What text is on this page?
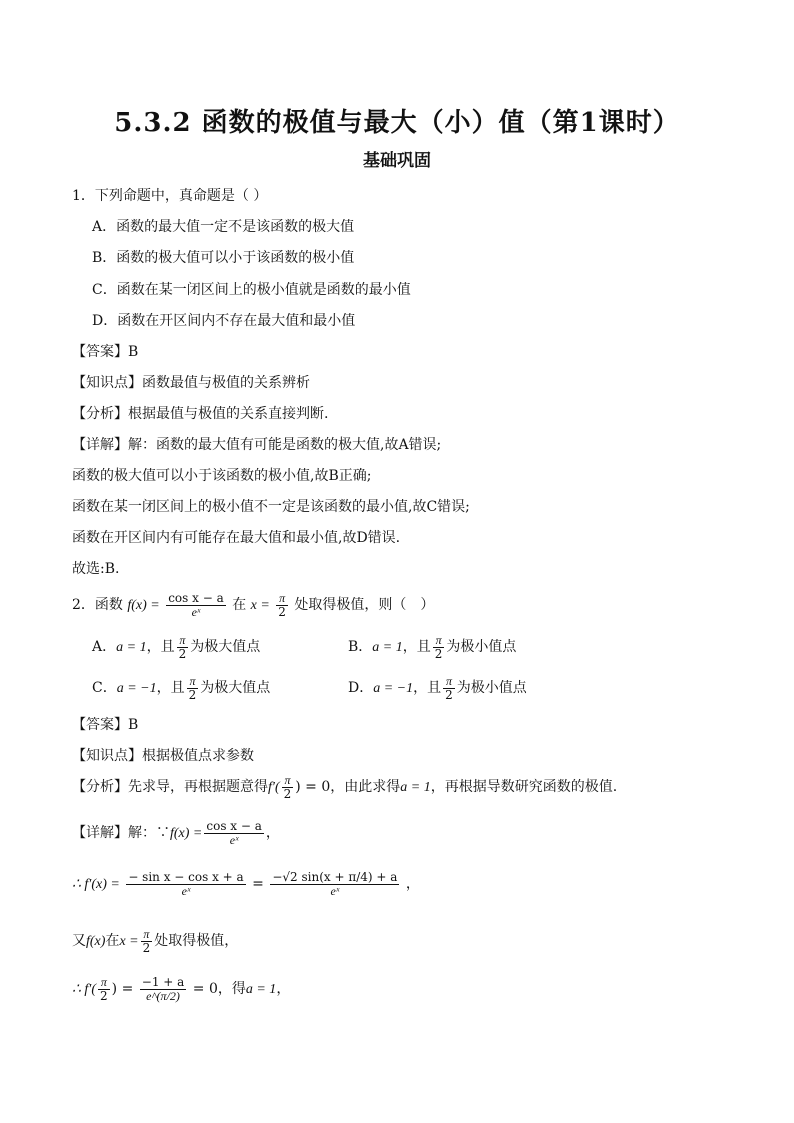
5.3.2 函数的极值与最大（小）值（第1课时）
基础巩固
1．下列命题中，真命题是（ ）
A．函数的最大值一定不是该函数的极大值
B．函数的极大值可以小于该函数的极小值
C．函数在某一闭区间上的极小值就是函数的最小值
D．函数在开区间内不存在最大值和最小值
【答案】B
【知识点】函数最值与极值的关系辨析
【分析】根据最值与极值的关系直接判断.
【详解】解：函数的最大值有可能是函数的极大值,故A错误;
函数的极大值可以小于该函数的极小值,故B正确;
函数在某一闭区间上的极小值不一定是该函数的最小值,故C错误;
函数在开区间内有可能存在最大值和最小值,故D错误.
故选:B.
2．函数 $f(x) = \frac{\text{cos x − a}}{\text{eˣ}}$ 在 $x = \frac{\pi}{2}$ 处取得极值，则（　）
A．a = 1，且 $\frac{\pi}{2}$ 为极大值点	B．a = 1，且 $\frac{\pi}{2}$ 为极小值点
C．a = −1，且 $\frac{\pi}{2}$ 为极大值点	D．a = −1，且 $\frac{\pi}{2}$ 为极小值点
【答案】B
【知识点】根据极值点求参数
【分析】先求导，再根据题意得$f'( \frac{\pi}{2}$ ) = 0，由此求得a = 1，再根据导数研究函数的极值.
【详解】解：∵f(x) = $\frac{\text{cos x − a}}{\text{eˣ}}$ ，
∴ $f'(x) = \frac{\text{− sin x − cos x + a}}{\text{eˣ}} = \frac{-√2 \sin(x + \pi/4) + a}{\text{eˣ}}$ ，
又f(x)在$x = \frac{\pi}{2}$ 处取得极值，
∴ $f'( \frac{\pi}{2}$ ) = $\frac{-1 + a}{e\^{}(\pi/2)} = 0$，得a = 1，
